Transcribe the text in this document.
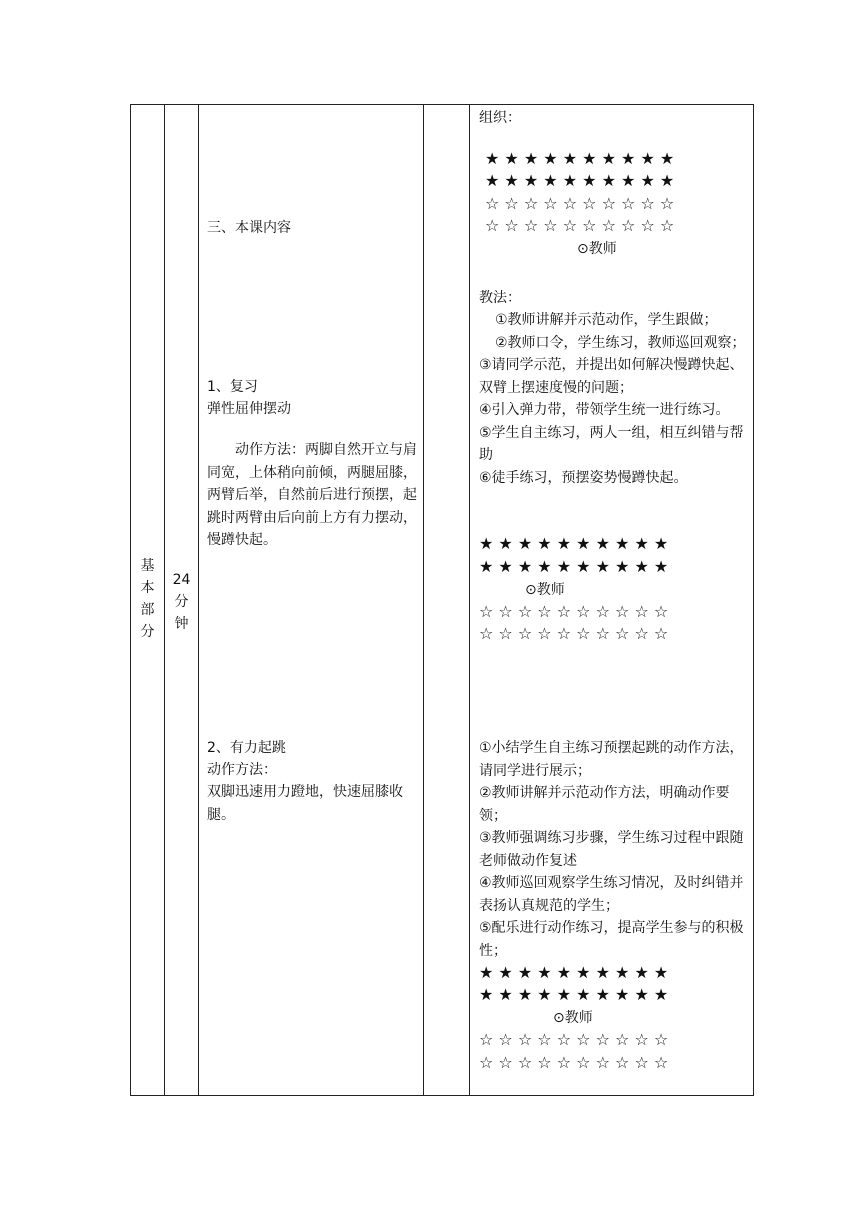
基
本
部
分
24
分
钟
三、本课内容
1、复习
弹性屈伸摆动
动作方法：两脚自然开立与肩同宽，上体稍向前倾，两腿屈膝，两臂后举，自然前后进行预摆，起跳时两臂由后向前上方有力摆动，慢蹲快起。
2、有力起跳
动作方法：
双脚迅速用力蹬地，快速屈膝收腿。
组织：
★ ★ ★ ★ ★ ★ ★ ★ ★ ★
★ ★ ★ ★ ★ ★ ★ ★ ★ ★
☆ ☆ ☆ ☆ ☆ ☆ ☆ ☆ ☆ ☆
☆ ☆ ☆ ☆ ☆ ☆ ☆ ☆ ☆ ☆
⊙教师
教法：
①教师讲解并示范动作，学生跟做；
②教师口令，学生练习，教师巡回观察；
③请同学示范，并提出如何解决慢蹲快起、双臂上摆速度慢的问题；
④引入弹力带，带领学生统一进行练习。
⑤学生自主练习，两人一组，相互纠错与帮助
⑥徒手练习，预摆姿势慢蹲快起。
★ ★ ★ ★ ★ ★ ★ ★ ★ ★
★ ★ ★ ★ ★ ★ ★ ★ ★ ★
⊙教师
☆ ☆ ☆ ☆ ☆ ☆ ☆ ☆ ☆ ☆
☆ ☆ ☆ ☆ ☆ ☆ ☆ ☆ ☆ ☆
①小结学生自主练习预摆起跳的动作方法，请同学进行展示；
②教师讲解并示范动作方法，明确动作要领；
③教师强调练习步骤，学生练习过程中跟随老师做动作复述
④教师巡回观察学生练习情况，及时纠错并表扬认真规范的学生；
⑤配乐进行动作练习，提高学生参与的积极性；
★ ★ ★ ★ ★ ★ ★ ★ ★ ★
★ ★ ★ ★ ★ ★ ★ ★ ★ ★
⊙教师
☆ ☆ ☆ ☆ ☆ ☆ ☆ ☆ ☆ ☆
☆ ☆ ☆ ☆ ☆ ☆ ☆ ☆ ☆ ☆
